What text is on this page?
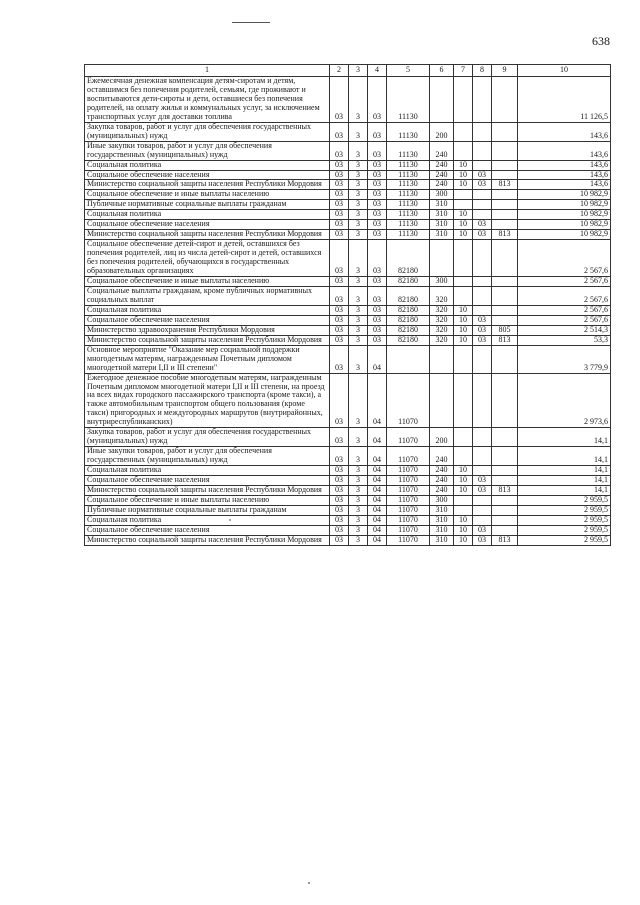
638
1	2	3	4	5	6	7	8	9	10
Ежемесячная денежная компенсация детям-сиротам и детям, оставшимся без попечения родителей, семьям, где проживают и воспитываются дети-сироты и дети, оставшиеся без попечения родителей, на оплату жилья и коммунальных услуг, за исключением транспортных услуг для доставки топлива	03	3	03	11130					11 126,5
Закупка товаров, работ и услуг для обеспечения государственных (муниципальных) нужд	03	3	03	11130	200				143,6
Иные закупки товаров, работ и услуг для обеспечения государственных (муниципальных) нужд	03	3	03	11130	240				143,6
Социальная политика	03	3	03	11130	240	10			143,6
Социальное обеспечение населения	03	3	03	11130	240	10	03		143,6
Министерство социальной защиты населения Республики Мордовия	03	3	03	11130	240	10	03	813	143,6
Социальное обеспечение и иные выплаты населению	03	3	03	11130	300				10 982,9
Публичные нормативные социальные выплаты гражданам	03	3	03	11130	310				10 982,9
Социальная политика	03	3	03	11130	310	10			10 982,9
Социальное обеспечение населения	03	3	03	11130	310	10	03		10 982,9
Министерство социальной защиты населения Республики Мордовия	03	3	03	11130	310	10	03	813	10 982,9
Социальное обеспечение детей-сирот и детей, оставшихся без попечения родителей, лиц из числа детей-сирот и детей, оставшихся без попечения родителей, обучающихся в государственных образовательных организациях	03	3	03	82180					2 567,6
Социальное обеспечение и иные выплаты населению	03	3	03	82180	300				2 567,6
Социальные выплаты гражданам, кроме публичных нормативных социальных выплат	03	3	03	82180	320				2 567,6
Социальная политика	03	3	03	82180	320	10			2 567,6
Социальное обеспечение населения	03	3	03	82180	320	10	03		2 567,6
Министерство здравоохранения Республики Мордовия	03	3	03	82180	320	10	03	805	2 514,3
Министерство социальной защиты населения Республики Мордовия	03	3	03	82180	320	10	03	813	53,3
Основное мероприятие "Оказание мер социальной поддержки многодетным матерям, награжденным Почетным дипломом многодетной матери I,II и III степени"	03	3	04						3 779,9
Ежегодное денежное пособие многодетным матерям, награжденным Почетным дипломом многодетной матери I,II и III степени, на проезд на всех видах городского пассажирского транспорта (кроме такси), а также автомобильным транспортом общего пользования (кроме такси) пригородных и междугородных маршрутов (внутрирайонных, внутриреспубликанских)	03	3	04	11070					2 973,6
Закупка товаров, работ и услуг для обеспечения государственных (муниципальных) нужд	03	3	04	11070	200				14,1
Иные закупки товаров, работ и услуг для обеспечения государственных (муниципальных) нужд	03	3	04	11070	240				14,1
Социальная политика	03	3	04	11070	240	10			14,1
Социальное обеспечение населения	03	3	04	11070	240	10	03		14,1
Министерство социальной защиты населения Республики Мордовия	03	3	04	11070	240	10	03	813	14,1
Социальное обеспечение и иные выплаты населению	03	3	04	11070	300				2 959,5
Публичные нормативные социальные выплаты гражданам	03	3	04	11070	310				2 959,5
Социальная политика	03	3	04	11070	310	10			2 959,5
Социальное обеспечение населения	03	3	04	11070	310	10	03		2 959,5
Министерство социальной защиты населения Республики Мордовия	03	3	04	11070	310	10	03	813	2 959,5
